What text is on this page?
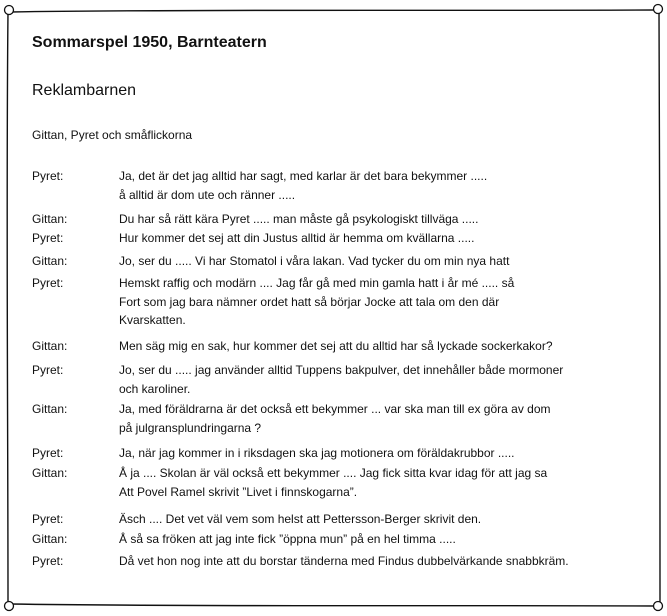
Sommarspel 1950, Barnteatern
Reklambarnen
Gittan, Pyret och småflickorna
Pyret:	Ja, det är det jag alltid har sagt, med karlar är det bara bekymmer .....
å alltid är dom ute och ränner .....
Gittan:	Du har så rätt kära Pyret ..... man måste gå psykologiskt tillväga .....
Pyret:	Hur kommer det sej att din Justus alltid är hemma om kvällarna .....
Gittan:	Jo, ser du ..... Vi har Stomatol i våra lakan. Vad tycker du om min nya hatt
Pyret:	Hemskt raffig och modärn .... Jag får gå med min gamla hatt i år mé ..... så
Fort som jag bara nämner ordet hatt så börjar Jocke att tala om den där
Kvarskatten.
Gittan:	Men säg mig en sak, hur kommer det sej att du alltid har så lyckade sockerkakor?
Pyret:	Jo, ser du ..... jag använder alltid Tuppens bakpulver, det innehåller både mormoner
och karoliner.
Gittan:	Ja, med föräldrarna är det också ett bekymmer ... var ska man till ex göra av dom
på julgransplundringarna ?
Pyret:	Ja, när jag kommer in i riksdagen ska jag motionera om föräldakrubbor .....
Gittan:	Å ja .... Skolan är väl också ett bekymmer .... Jag fick sitta kvar idag för att jag sa
Att Povel Ramel skrivit ”Livet i finnskogarna”.
Pyret:	Äsch .... Det vet väl vem som helst att Pettersson-Berger skrivit den.
Gittan:	Å så sa fröken att jag inte fick ”öppna mun” på en hel timma .....
Pyret:	Då vet hon nog inte att du borstar tänderna med Findus dubbelvärkande snabbkräm.
